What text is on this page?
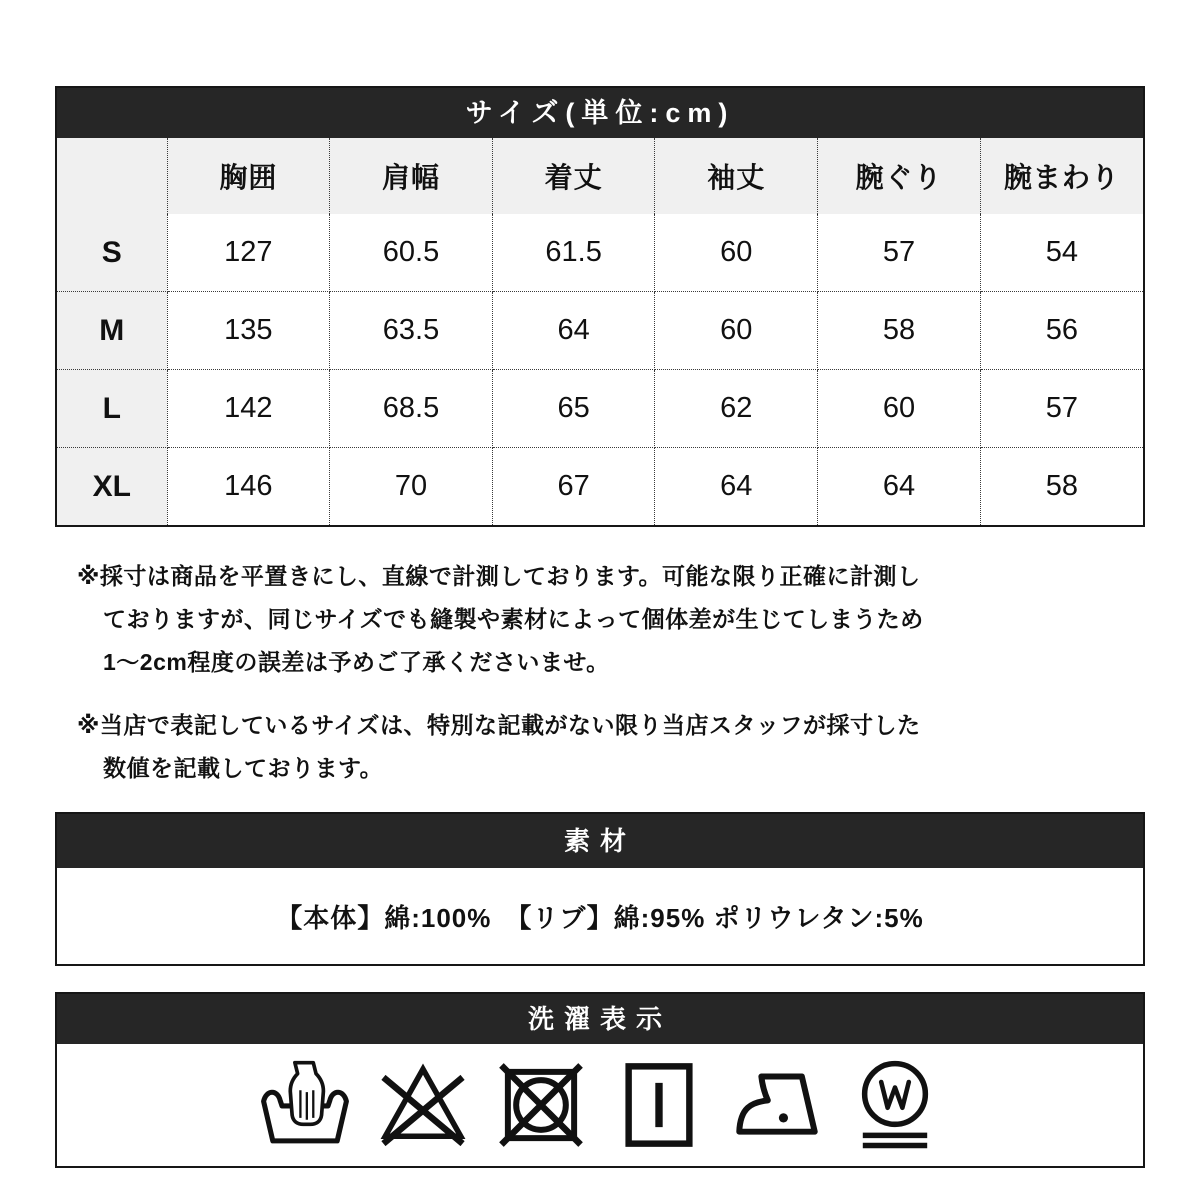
サイズ(単位:cm)
	胸囲	肩幅	着丈	袖丈	腕ぐり	腕まわり
S	127	60.5	61.5	60	57	54
M	135	63.5	64	60	58	56
L	142	68.5	65	62	60	57
XL	146	70	67	64	64	58
※採寸は商品を平置きにし、直線で計測しております。可能な限り正確に計測し
ておりますが、同じサイズでも縫製や素材によって個体差が生じてしまうため
1〜2cm程度の誤差は予めご了承くださいませ。
※当店で表記しているサイズは、特別な記載がない限り当店スタッフが採寸した
数値を記載しております。
素材
【本体】綿:100%　【リブ】綿:95% ポリウレタン:5%
洗濯表示
